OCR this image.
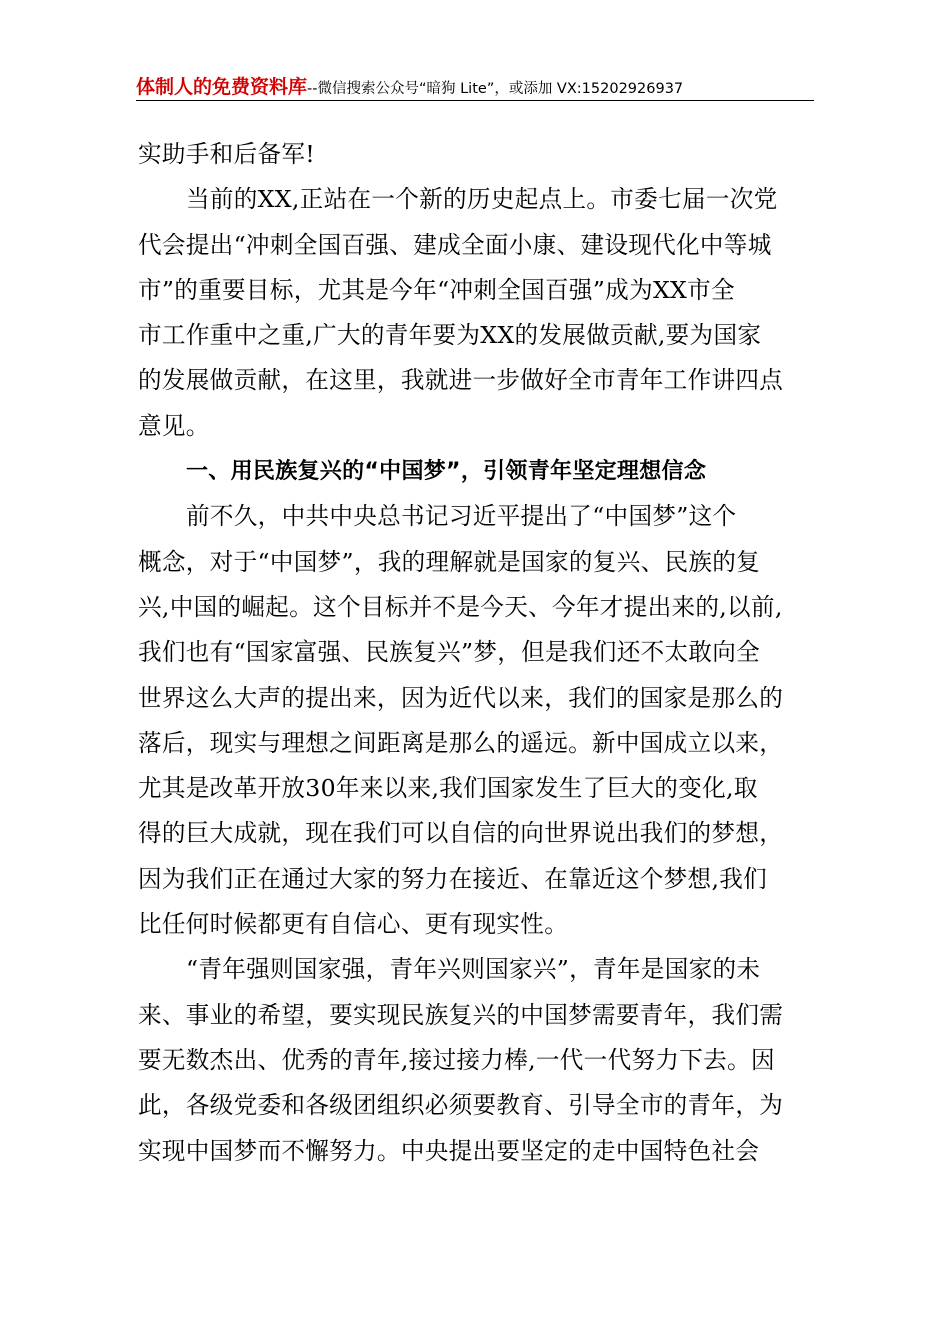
体制人的免费资料库--微信搜索公众号“暗狗 Lite”，或添加 VX:15202926937
实助手和后备军!
当前的XX,正站在一个新的历史起点上。市委七届一次党
代会提出“冲刺全国百强、建成全面小康、建设现代化中等城
市”的重要目标，尤其是今年“冲刺全国百强”成为XX市全
市工作重中之重,广大的青年要为XX的发展做贡献,要为国家
的发展做贡献，在这里，我就进一步做好全市青年工作讲四点
意见。
一、用民族复兴的“中国梦”，引领青年坚定理想信念
前不久，中共中央总书记习近平提出了“中国梦”这个
概念，对于“中国梦”，我的理解就是国家的复兴、民族的复
兴,中国的崛起。这个目标并不是今天、今年才提出来的,以前,
我们也有“国家富强、民族复兴”梦，但是我们还不太敢向全
世界这么大声的提出来，因为近代以来，我们的国家是那么的
落后，现实与理想之间距离是那么的遥远。新中国成立以来，
尤其是改革开放30年来以来,我们国家发生了巨大的变化,取
得的巨大成就，现在我们可以自信的向世界说出我们的梦想，
因为我们正在通过大家的努力在接近、在靠近这个梦想,我们
比任何时候都更有自信心、更有现实性。
“青年强则国家强，青年兴则国家兴”，青年是国家的未
来、事业的希望，要实现民族复兴的中国梦需要青年，我们需
要无数杰出、优秀的青年,接过接力棒,一代一代努力下去。因
此，各级党委和各级团组织必须要教育、引导全市的青年，为
实现中国梦而不懈努力。中央提出要坚定的走中国特色社会
